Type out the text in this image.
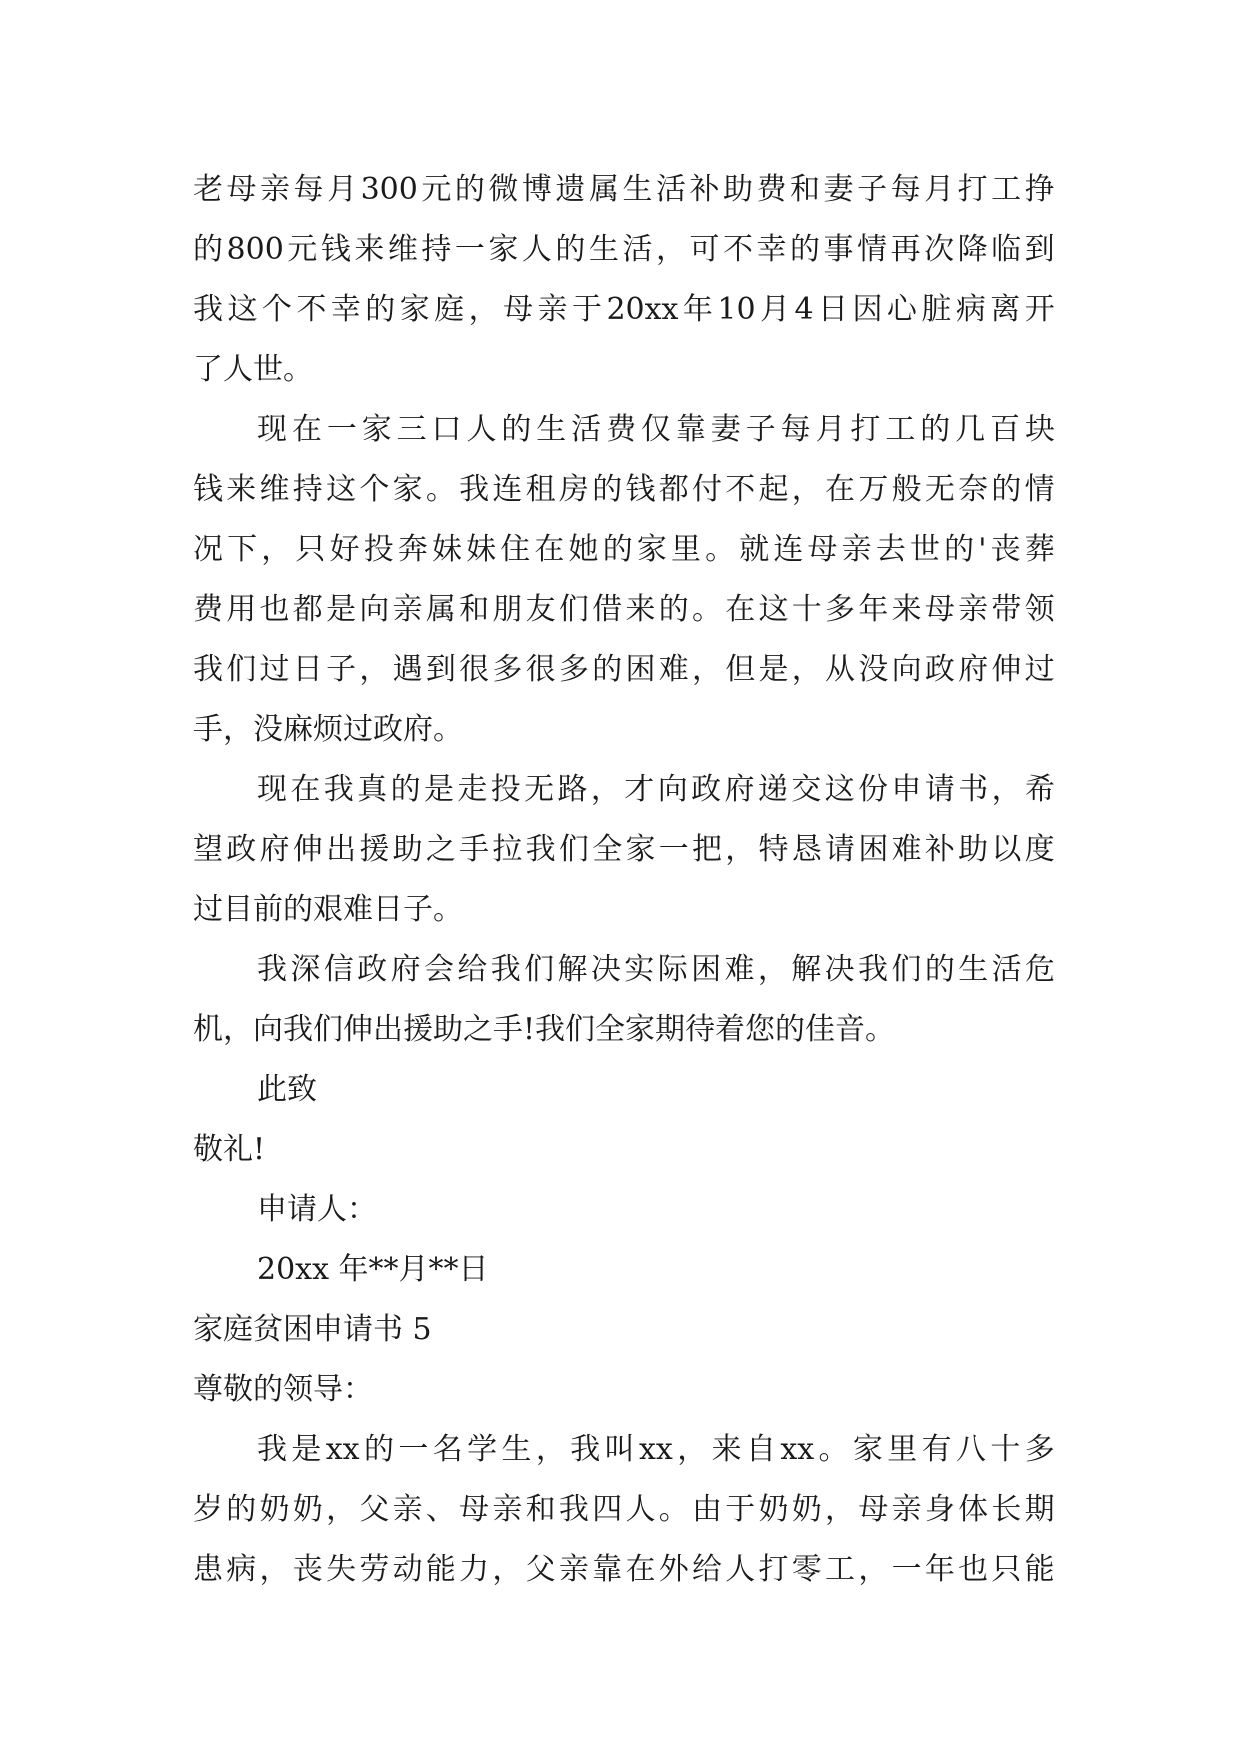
老 母 亲 每 月 300 元 的 微 博 遗 属 生 活 补 助 费 和 妻 子 每 月 打 工 挣
的 800 元 钱 来 维 持 一 家 人 的 生 活 ， 可 不 幸 的 事 情 再 次 降 临 到
我 这 个 不 幸 的 家 庭 ， 母 亲 于 20xx 年 10 月 4 日 因 心 脏 病 离 开
了人世。
现 在 一 家 三 口 人 的 生 活 费 仅 靠 妻 子 每 月 打 工 的 几 百 块
钱 来 维 持 这 个 家 。 我 连 租 房 的 钱 都 付 不 起 ， 在 万 般 无 奈 的 情
况 下 ， 只 好 投 奔 妹 妹 住 在 她 的 家 里 。 就 连 母 亲 去 世 的 ' 丧 葬
费 用 也 都 是 向 亲 属 和 朋 友 们 借 来 的 。 在 这 十 多 年 来 母 亲 带 领
我 们 过 日 子 ， 遇 到 很 多 很 多 的 困 难 ， 但 是 ， 从 没 向 政 府 伸 过
手，没麻烦过政府。
现 在 我 真 的 是 走 投 无 路 ， 才 向 政 府 递 交 这 份 申 请 书 ， 希
望 政 府 伸 出 援 助 之 手 拉 我 们 全 家 一 把 ， 特 恳 请 困 难 补 助 以 度
过目前的艰难日子。
我 深 信 政 府 会 给 我 们 解 决 实 际 困 难 ， 解 决 我 们 的 生 活 危
机，向我们伸出援助之手!我们全家期待着您的佳音。
此致
敬礼!
申请人：
20xx 年**月**日
家庭贫困申请书 5
尊敬的领导：
我 是 xx 的 一 名 学 生 ， 我 叫 xx ， 来 自 xx 。 家 里 有 八 十 多
岁 的 奶 奶 ， 父 亲 、 母 亲 和 我 四 人 。 由 于 奶 奶 ， 母 亲 身 体 长 期
患 病 ， 丧 失 劳 动 能 力 ， 父 亲 靠 在 外 给 人 打 零 工 ， 一 年 也 只 能
